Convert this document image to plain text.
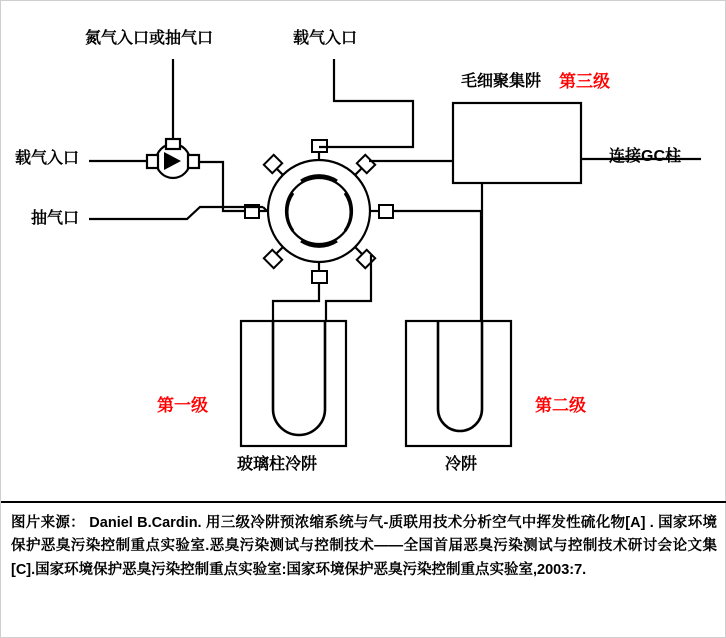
氮气入口或抽气口	载气入口
毛细聚集阱 第三级
载气入口	连接GC柱
抽气口
第一级	第二级
玻璃柱冷阱	冷阱

图片来源： Daniel B.Cardin. 用三级冷阱预浓缩系统与气-质联用技术分析空气中挥发性硫化物[A] . 国家环境保护恶臭污染控制重点实验室.恶臭污染测试与控制技术——全国首届恶臭污染测试与控制技术研讨会论文集[C].国家环境保护恶臭污染控制重点实验室:国家环境保护恶臭污染控制重点实验室,2003:7.
